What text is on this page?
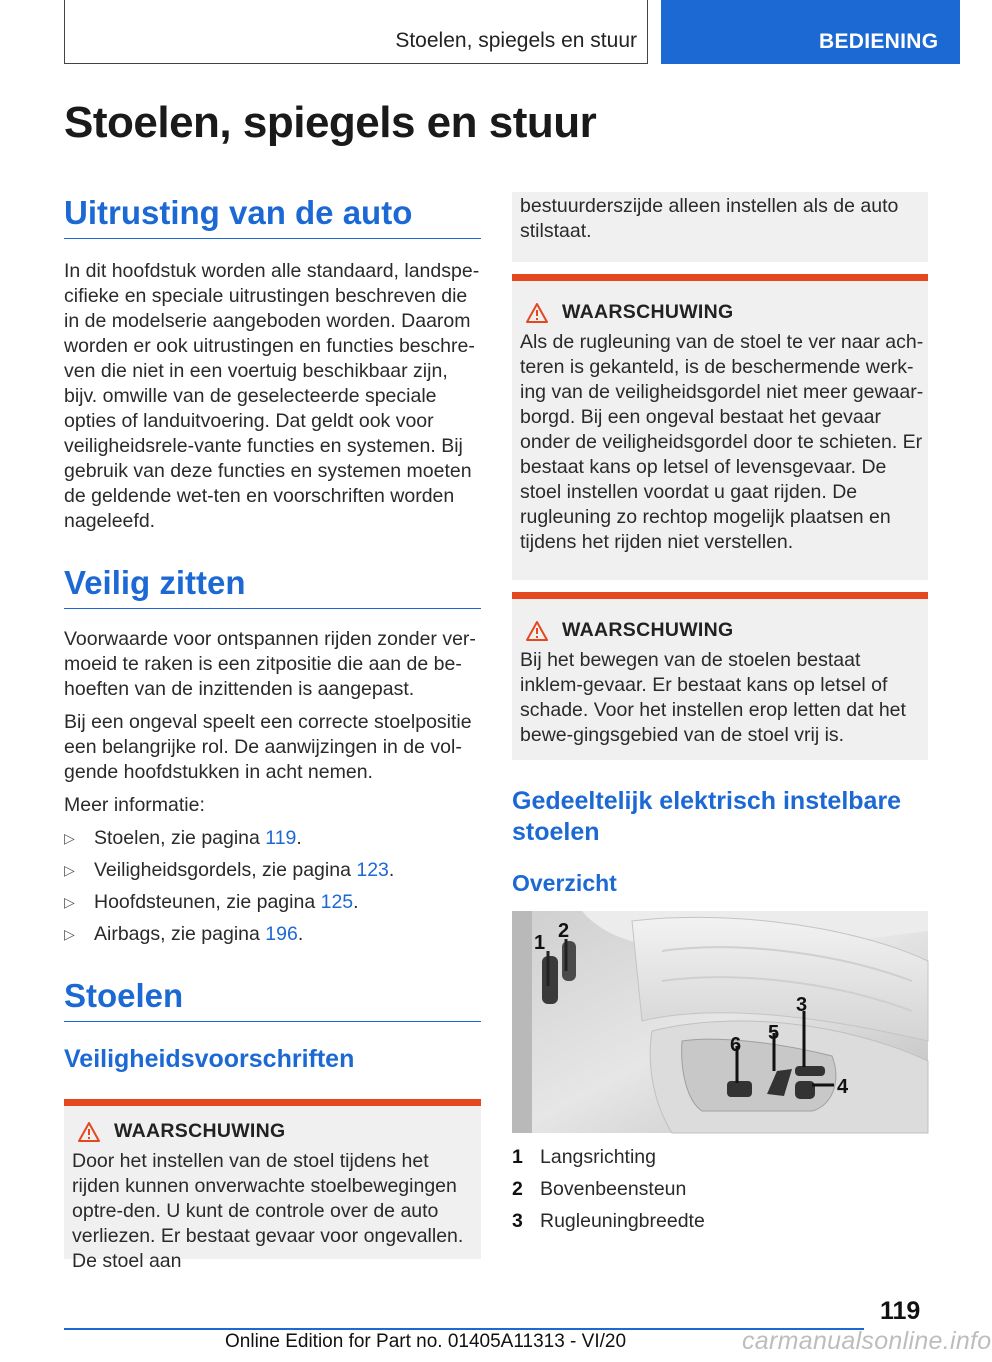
Stoelen, spiegels en stuur	BEDIENING
Stoelen, spiegels en stuur
Uitrusting van de auto

In dit hoofdstuk worden alle standaard, landspe-cifieke en speciale uitrustingen beschreven die in de modelserie aangeboden worden. Daarom worden er ook uitrustingen en functies beschre-ven die niet in een voertuig beschikbaar zijn, bijv. omwille van de geselecteerde speciale opties of landuitvoering. Dat geldt ook voor veiligheidsrele-vante functies en systemen. Bij gebruik van deze functies en systemen moeten de geldende wet-ten en voorschriften worden nageleefd.

Veilig zitten

Voorwaarde voor ontspannen rijden zonder ver-moeid te raken is een zitpositie die aan de be-hoeften van de inzittenden is aangepast.

Bij een ongeval speelt een correcte stoelpositie een belangrijke rol. De aanwijzingen in de vol-gende hoofdstukken in acht nemen.

Meer informatie:

▷ Stoelen, zie pagina 119.
▷ Veiligheidsgordels, zie pagina 123.
▷ Hoofdsteunen, zie pagina 125.
▷ Airbags, zie pagina 196.
Stoelen
Veiligheidsvoorschriften
WAARSCHUWING

Door het instellen van de stoel tijdens het rijden kunnen onverwachte stoelbewegingen optre-den. U kunt de controle over de auto verliezen. Er bestaat gevaar voor ongevallen. De stoel aan

bestuurderszijde alleen instellen als de auto stilstaat.

WAARSCHUWING

Als de rugleuning van de stoel te ver naar ach-teren is gekanteld, is de beschermende werk-ing van de veiligheidsgordel niet meer gewaar-borgd. Bij een ongeval bestaat het gevaar onder de veiligheidsgordel door te schieten. Er bestaat kans op letsel of levensgevaar. De stoel instellen voordat u gaat rijden. De rugleuning zo rechtop mogelijk plaatsen en tijdens het rijden niet verstellen.

WAARSCHUWING

Bij het bewegen van de stoelen bestaat inklem-gevaar. Er bestaat kans op letsel of schade. Voor het instellen erop letten dat het bewe-gingsgebied van de stoel vrij is.

Gedeeltelijk elektrisch instelbare stoelen
Overzicht
1
2
3
4
5
6
1 Langsrichting
2 Bovenbeensteun
3 Rugleuningbreedte
119
Online Edition for Part no. 01405A11313 - VI/20	carmanualsonline.info
